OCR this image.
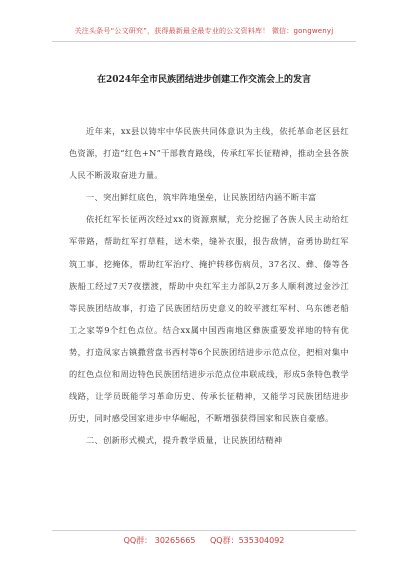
关注头条号“公文研究”，获得最新最全最专业的公文资料库！ 微信：gongwenyj
在2024年全市民族团结进步创建工作交流会上的发言

近年来，xx县以铸牢中华民族共同体意识为主线，依托革命老区县红色资源，打造“红色+N”干部教育路线，传承红军长征精神，推动全县各族人民不断汲取奋进力量。

一、突出鲜红底色，筑牢阵地堡垒，让民族团结内涵不断丰富

依托红军长征两次经过xx的资源禀赋，充分挖掘了各族人民主动给红军带路，帮助红军打草鞋，送木柴，缝补衣服，报告敌情，奋勇协助红军筑工事、挖掩体，帮助红军治疗、掩护转移伤病员，37名汉、彝、傣等各族船工经过7天7夜摆渡，帮助中央红军主力部队2万多人顺利渡过金沙江等民族团结故事，打造了民族团结历史意义的皎平渡红军村、乌东德老船工之家等9个红色点位。结合xx属中国西南地区彝族重要发祥地的特有优势，打造凤家古镇撒营盘书西村等6个民族团结进步示范点位，把相对集中的红色点位和周边特色民族团结进步示范点位串联成线，形成5条特色教学线路，让学员既能学习革命历史、传承长征精神，又能学习民族团结进步历史，同时感受国家进步中华崛起，不断增强获得国家和民族自豪感。

二、创新形式模式，提升教学质量，让民族团结精神

QQ群： 30265665 QQ群：535304092
